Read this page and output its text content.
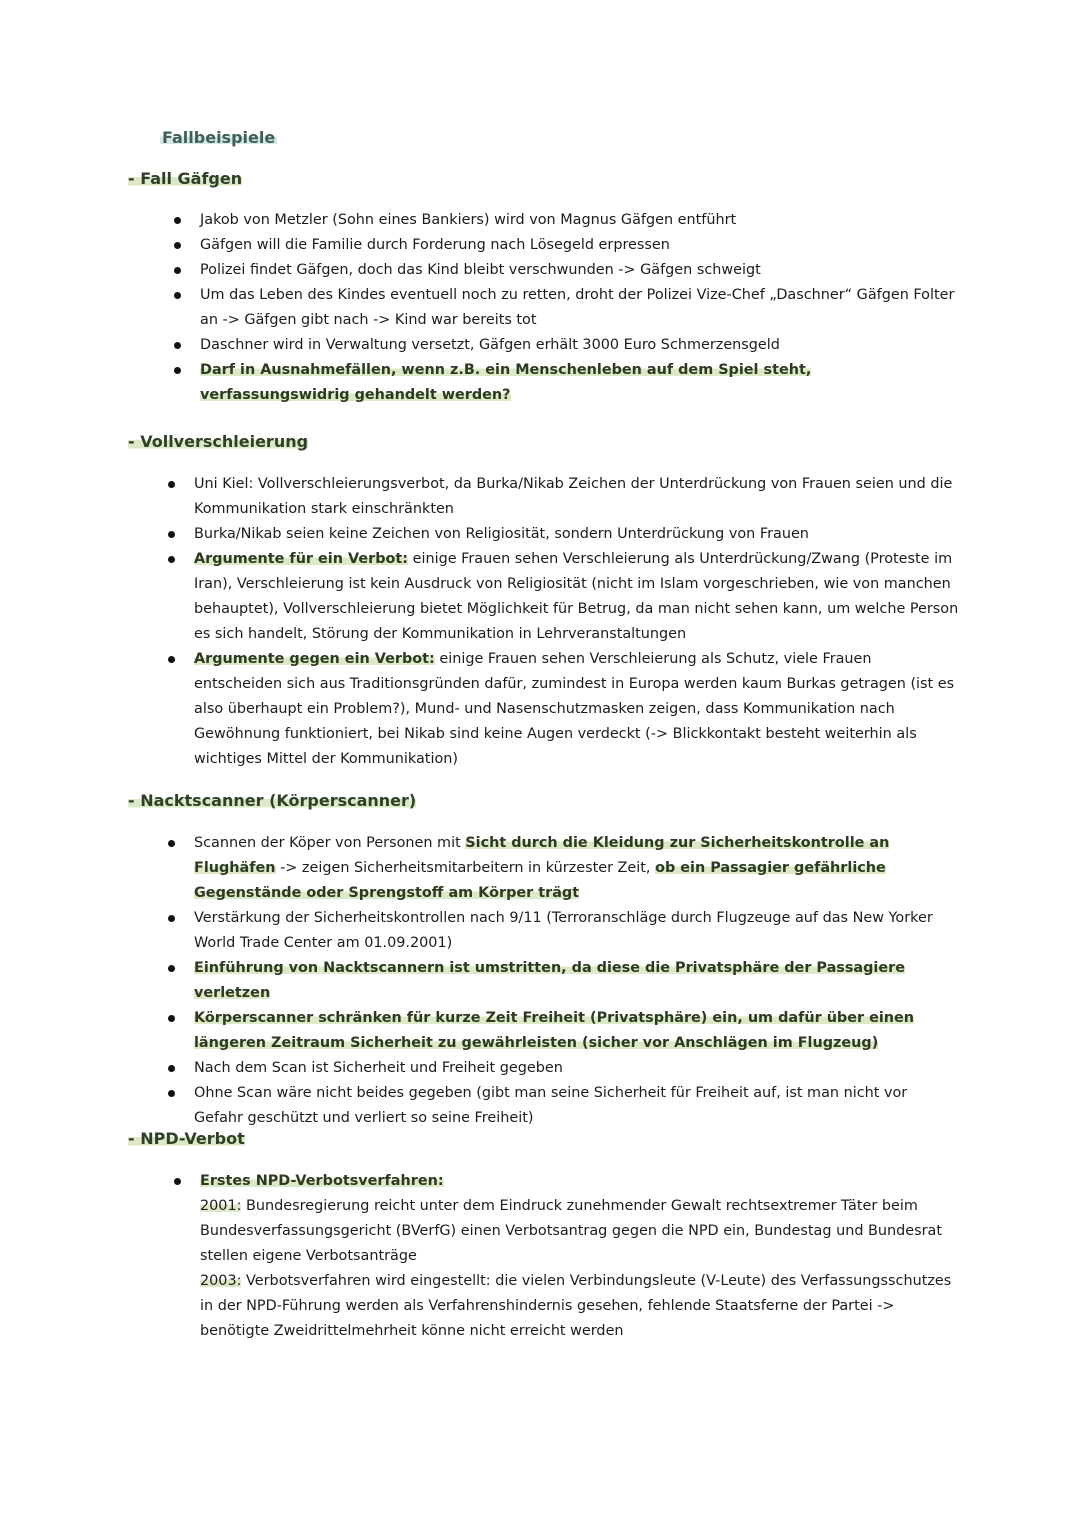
Fallbeispiele
- Fall Gäfgen
Jakob von Metzler (Sohn eines Bankiers) wird von Magnus Gäfgen entführt
Gäfgen will die Familie durch Forderung nach Lösegeld erpressen
Polizei findet Gäfgen, doch das Kind bleibt verschwunden -> Gäfgen schweigt
Um das Leben des Kindes eventuell noch zu retten, droht der Polizei Vize-Chef „Daschner“ Gäfgen Folter an -> Gäfgen gibt nach -> Kind war bereits tot
Daschner wird in Verwaltung versetzt, Gäfgen erhält 3000 Euro Schmerzensgeld
Darf in Ausnahmefällen, wenn z.B. ein Menschenleben auf dem Spiel steht, verfassungswidrig gehandelt werden?
- Vollverschleierung
Uni Kiel: Vollverschleierungsverbot, da Burka/Nikab Zeichen der Unterdrückung von Frauen seien und die Kommunikation stark einschränkten
Burka/Nikab seien keine Zeichen von Religiosität, sondern Unterdrückung von Frauen
Argumente für ein Verbot: einige Frauen sehen Verschleierung als Unterdrückung/Zwang (Proteste im Iran), Verschleierung ist kein Ausdruck von Religiosität (nicht im Islam vorgeschrieben, wie von manchen behauptet), Vollverschleierung bietet Möglichkeit für Betrug, da man nicht sehen kann, um welche Person es sich handelt, Störung der Kommunikation in Lehrveranstaltungen
Argumente gegen ein Verbot: einige Frauen sehen Verschleierung als Schutz, viele Frauen entscheiden sich aus Traditionsgründen dafür, zumindest in Europa werden kaum Burkas getragen (ist es also überhaupt ein Problem?), Mund- und Nasenschutzmasken zeigen, dass Kommunikation nach Gewöhnung funktioniert, bei Nikab sind keine Augen verdeckt (-> Blickkontakt besteht weiterhin als wichtiges Mittel der Kommunikation)
- Nacktscanner (Körperscanner)
Scannen der Köper von Personen mit Sicht durch die Kleidung zur Sicherheitskontrolle an Flughäfen -> zeigen Sicherheitsmitarbeitern in kürzester Zeit, ob ein Passagier gefährliche Gegenstände oder Sprengstoff am Körper trägt
Verstärkung der Sicherheitskontrollen nach 9/11 (Terroranschläge durch Flugzeuge auf das New Yorker World Trade Center am 01.09.2001)
Einführung von Nacktscannern ist umstritten, da diese die Privatsphäre der Passagiere verletzen
Körperscanner schränken für kurze Zeit Freiheit (Privatsphäre) ein, um dafür über einen längeren Zeitraum Sicherheit zu gewährleisten (sicher vor Anschlägen im Flugzeug)
Nach dem Scan ist Sicherheit und Freiheit gegeben
Ohne Scan wäre nicht beides gegeben (gibt man seine Sicherheit für Freiheit auf, ist man nicht vor Gefahr geschützt und verliert so seine Freiheit)
- NPD-Verbot
Erstes NPD-Verbotsverfahren:
2001: Bundesregierung reicht unter dem Eindruck zunehmender Gewalt rechtsextremer Täter beim Bundesverfassungsgericht (BVerfG) einen Verbotsantrag gegen die NPD ein, Bundestag und Bundesrat stellen eigene Verbotsanträge
2003: Verbotsverfahren wird eingestellt: die vielen Verbindungsleute (V-Leute) des Verfassungsschutzes in der NPD-Führung werden als Verfahrenshindernis gesehen, fehlende Staatsferne der Partei -> benötigte Zweidrittelmehrheit könne nicht erreicht werden
